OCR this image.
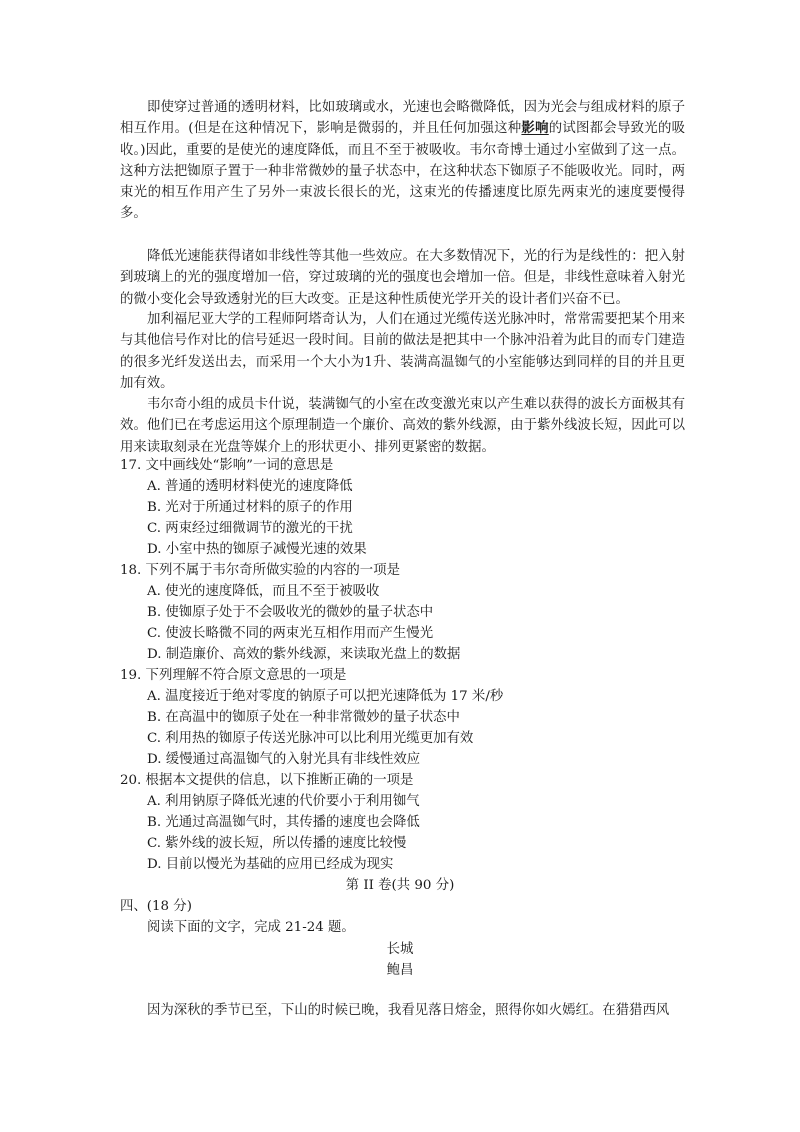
即使穿过普通的透明材料，比如玻璃或水，光速也会略微降低，因为光会与组成材料的原子相互作用。(但是在这种情况下，影响是微弱的，并且任何加强这种影响的试图都会导致光的吸收。)因此，重要的是使光的速度降低，而且不至于被吸收。韦尔奇博士通过小室做到了这一点。这种方法把铷原子置于一种非常微妙的量子状态中，在这种状态下铷原子不能吸收光。同时，两束光的相互作用产生了另外一束波长很长的光，这束光的传播速度比原先两束光的速度要慢得多。

降低光速能获得诸如非线性等其他一些效应。在大多数情况下，光的行为是线性的：把入射到玻璃上的光的强度增加一倍，穿过玻璃的光的强度也会增加一倍。但是，非线性意味着入射光的微小变化会导致透射光的巨大改变。正是这种性质使光学开关的设计者们兴奋不已。

加利福尼亚大学的工程师阿塔奇认为，人们在通过光缆传送光脉冲时，常常需要把某个用来与其他信号作对比的信号延迟一段时间。目前的做法是把其中一个脉冲沿着为此目的而专门建造的很多光纤发送出去，而采用一个大小为1升、装满高温铷气的小室能够达到同样的目的并且更加有效。

韦尔奇小组的成员卡什说，装满铷气的小室在改变激光束以产生难以获得的波长方面极其有效。他们已在考虑运用这个原理制造一个廉价、高效的紫外线源，由于紫外线波长短，因此可以用来读取刻录在光盘等媒介上的形状更小、排列更紧密的数据。

17. 文中画线处“影响”一词的意思是
A. 普通的透明材料使光的速度降低
B. 光对于所通过材料的原子的作用
C. 两束经过细微调节的激光的干扰
D. 小室中热的铷原子减慢光速的效果
18. 下列不属于韦尔奇所做实验的内容的一项是
A. 使光的速度降低，而且不至于被吸收
B. 使铷原子处于不会吸收光的微妙的量子状态中
C. 使波长略微不同的两束光互相作用而产生慢光
D. 制造廉价、高效的紫外线源，来读取光盘上的数据
19. 下列理解不符合原文意思的一项是
A. 温度接近于绝对零度的钠原子可以把光速降低为 17 米/秒
B. 在高温中的铷原子处在一种非常微妙的量子状态中
C. 利用热的铷原子传送光脉冲可以比利用光缆更加有效
D. 缓慢通过高温铷气的入射光具有非线性效应
20. 根据本文提供的信息，以下推断正确的一项是
A. 利用钠原子降低光速的代价要小于利用铷气
B. 光通过高温铷气时，其传播的速度也会降低
C. 紫外线的波长短，所以传播的速度比较慢
D. 目前以慢光为基础的应用已经成为现实
第 II 卷(共 90 分)
四、(18 分)
阅读下面的文字，完成 21-24 题。
长城
鲍昌

因为深秋的季节已至，下山的时候已晚，我看见落日熔金，照得你如火嫣红。在猎猎西风
